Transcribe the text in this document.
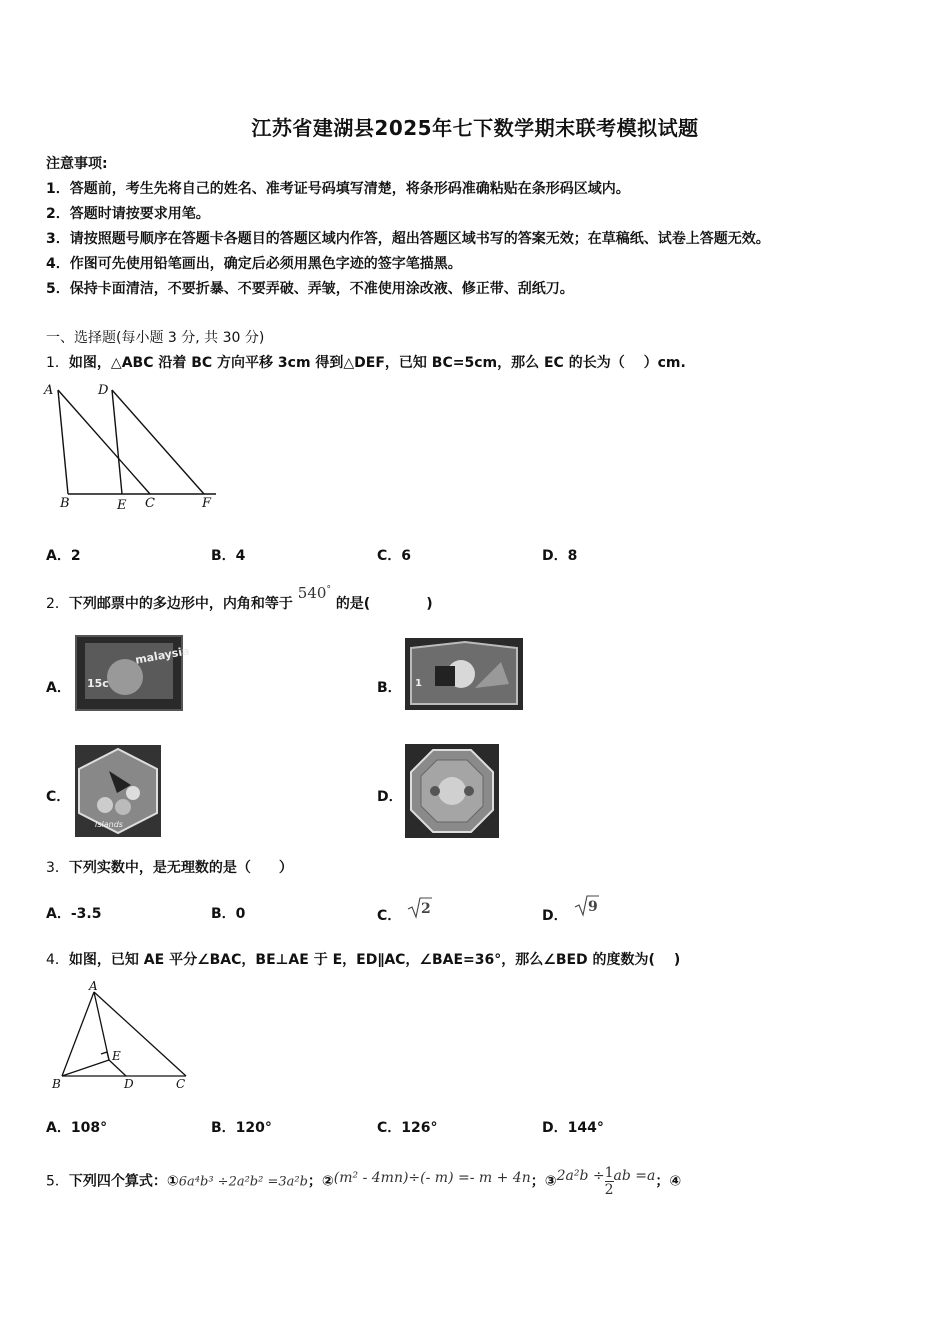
江苏省建湖县2025年七下数学期末联考模拟试题
注意事项:
1．答题前，考生先将自己的姓名、准考证号码填写清楚，将条形码准确粘贴在条形码区域内。
2．答题时请按要求用笔。
3．请按照题号顺序在答题卡各题目的答题区域内作答，超出答题区域书写的答案无效；在草稿纸、试卷上答题无效。
4．作图可先使用铅笔画出，确定后必须用黑色字迹的签字笔描黑。
5．保持卡面清洁，不要折暴、不要弄破、弄皱，不准使用涂改液、修正带、刮纸刀。
一、选择题(每小题 3 分, 共 30 分)
1．如图，△ABC 沿着 BC 方向平移 3cm 得到△DEF，已知 BC=5cm，那么 EC 的长为（　 ）cm.
A	D
B	E C	F
A．2	B．4	C．6	D．8
2．下列邮票中的多边形中，内角和等于 540° 的是(　　　　)
A．
malaysia
15c	B． 1
C．
Islands
D．
3．下列实数中，是无理数的是（　　）
A．-3.5	B．0	C． 2	D．
9
4．如图，已知 AE 平分∠BAC，BE⊥AE 于 E，ED∥AC，∠BAE=36°，那么∠BED 的度数为(　 )
A
E
B	D	C
A．108°	B．120°	C．126°	D．144°
5．下列四个算式：①6a⁴b³ ÷2a²b² =3a²b；②(m² - 4mn)÷(- m) =- m + 4n；③2a²b ÷ $\frac{1}{2}$ ab =a；④
